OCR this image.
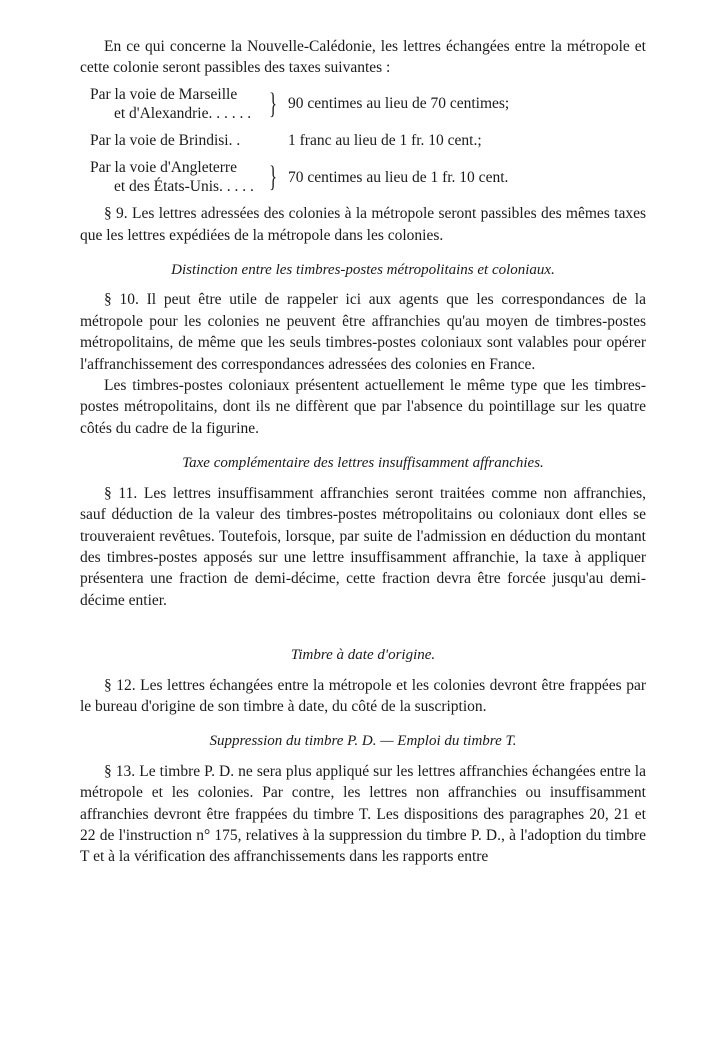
En ce qui concerne la Nouvelle-Calédonie, les lettres échangées entre la métropole et cette colonie seront passibles des taxes suivantes :

Par la voie de Marseille
et d'Alexandrie. . . . . . } 90 centimes au lieu de 70 centimes;
Par la voie de Brindisi. .	1 franc au lieu de 1 fr. 10 cent.;
Par la voie d'Angleterre
et des États-Unis. . . . . } 70 centimes au lieu de 1 fr. 10 cent.

§ 9. Les lettres adressées des colonies à la métropole seront passibles des mêmes taxes que les lettres expédiées de la métropole dans les colonies.

Distinction entre les timbres-postes métropolitains et coloniaux.

§ 10. Il peut être utile de rappeler ici aux agents que les correspondances de la métropole pour les colonies ne peuvent être affranchies qu'au moyen de timbres-postes métropolitains, de même que les seuls timbres-postes coloniaux sont valables pour opérer l'affranchissement des correspondances adressées des colonies en France.

Les timbres-postes coloniaux présentent actuellement le même type que les timbres-postes métropolitains, dont ils ne diffèrent que par l'absence du pointillage sur les quatre côtés du cadre de la figurine.

Taxe complémentaire des lettres insuffisamment affranchies.

§ 11. Les lettres insuffisamment affranchies seront traitées comme non affranchies, sauf déduction de la valeur des timbres-postes métropolitains ou coloniaux dont elles se trouveraient revêtues. Toutefois, lorsque, par suite de l'admission en déduction du montant des timbres-postes apposés sur une lettre insuffisamment affranchie, la taxe à appliquer présentera une fraction de demi-décime, cette fraction devra être forcée jusqu'au demi-décime entier.

Timbre à date d'origine.

§ 12. Les lettres échangées entre la métropole et les colonies devront être frappées par le bureau d'origine de son timbre à date, du côté de la suscription.

Suppression du timbre P. D. — Emploi du timbre T.

§ 13. Le timbre P. D. ne sera plus appliqué sur les lettres affranchies échangées entre la métropole et les colonies. Par contre, les lettres non affranchies ou insuffisamment affranchies devront être frappées du timbre T. Les dispositions des paragraphes 20, 21 et 22 de l'instruction n° 175, relatives à la suppression du timbre P. D., à l'adoption du timbre T et à la vérification des affranchissements dans les rapports entre
